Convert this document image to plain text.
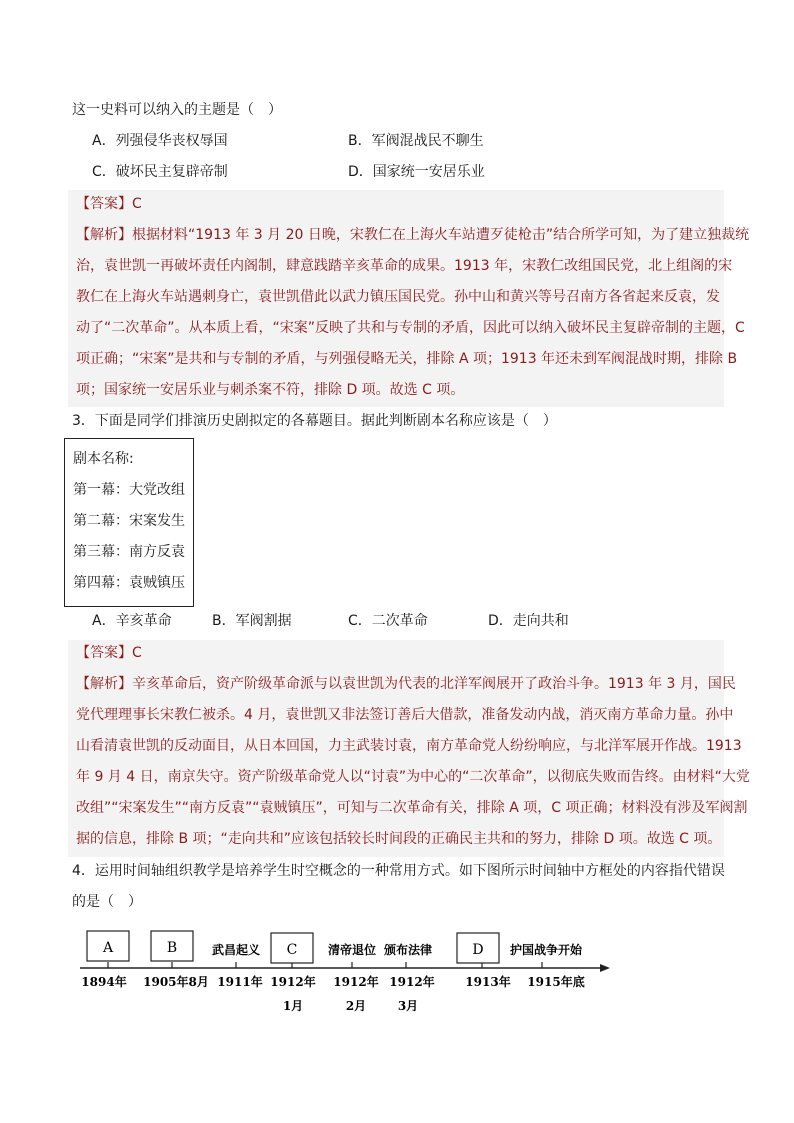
这一史料可以纳入的主题是（　）
A．列强侵华丧权辱国	B．军阀混战民不聊生
C．破坏民主复辟帝制	D．国家统一安居乐业
【答案】C
【解析】根据材料“1913 年 3 月 20 日晚，宋教仁在上海火车站遭歹徒枪击”结合所学可知，为了建立独裁统
治，袁世凯一再破坏责任内阁制，肆意践踏辛亥革命的成果。1913 年，宋教仁改组国民党，北上组阁的宋
教仁在上海火车站遇刺身亡，袁世凯借此以武力镇压国民党。孙中山和黄兴等号召南方各省起来反袁，发
动了“二次革命”。从本质上看，“宋案”反映了共和与专制的矛盾，因此可以纳入破坏民主复辟帝制的主题，C
项正确；“宋案”是共和与专制的矛盾，与列强侵略无关，排除 A 项；1913 年还未到军阀混战时期，排除 B
项；国家统一安居乐业与刺杀案不符，排除 D 项。故选 C 项。
3．下面是同学们排演历史剧拟定的各幕题目。据此判断剧本名称应该是（　）
剧本名称:
第一幕：大党改组
第二幕：宋案发生
第三幕：南方反袁
第四幕：袁贼镇压
A．辛亥革命	B．军阀割据	C．二次革命	D．走向共和
【答案】C
【解析】辛亥革命后，资产阶级革命派与以袁世凯为代表的北洋军阀展开了政治斗争。1913 年 3 月，国民
党代理理事长宋教仁被杀。4 月，袁世凯又非法签订善后大借款，准备发动内战，消灭南方革命力量。孙中
山看清袁世凯的反动面目，从日本回国，力主武装讨袁，南方革命党人纷纷响应，与北洋军展开作战。1913
年 9 月 4 日，南京失守。资产阶级革命党人以“讨袁”为中心的“二次革命”，以彻底失败而告终。由材料“大党
改组”“宋案发生”“南方反袁”“袁贼镇压”，可知与二次革命有关，排除 A 项，C 项正确；材料没有涉及军阀割
据的信息，排除 B 项；“走向共和”应该包括较长时间段的正确民主共和的努力，排除 D 项。故选 C 项。
4．运用时间轴组织教学是培养学生时空概念的一种常用方式。如下图所示时间轴中方框处的内容指代错误
的是（　）
A	B	C	D
武昌起义	清帝退位 颁布法律	护国战争开始
1894年 1905年8月 1911年 1912年 1912年 1912年	1913年 1915年底
1月	2月	3月
